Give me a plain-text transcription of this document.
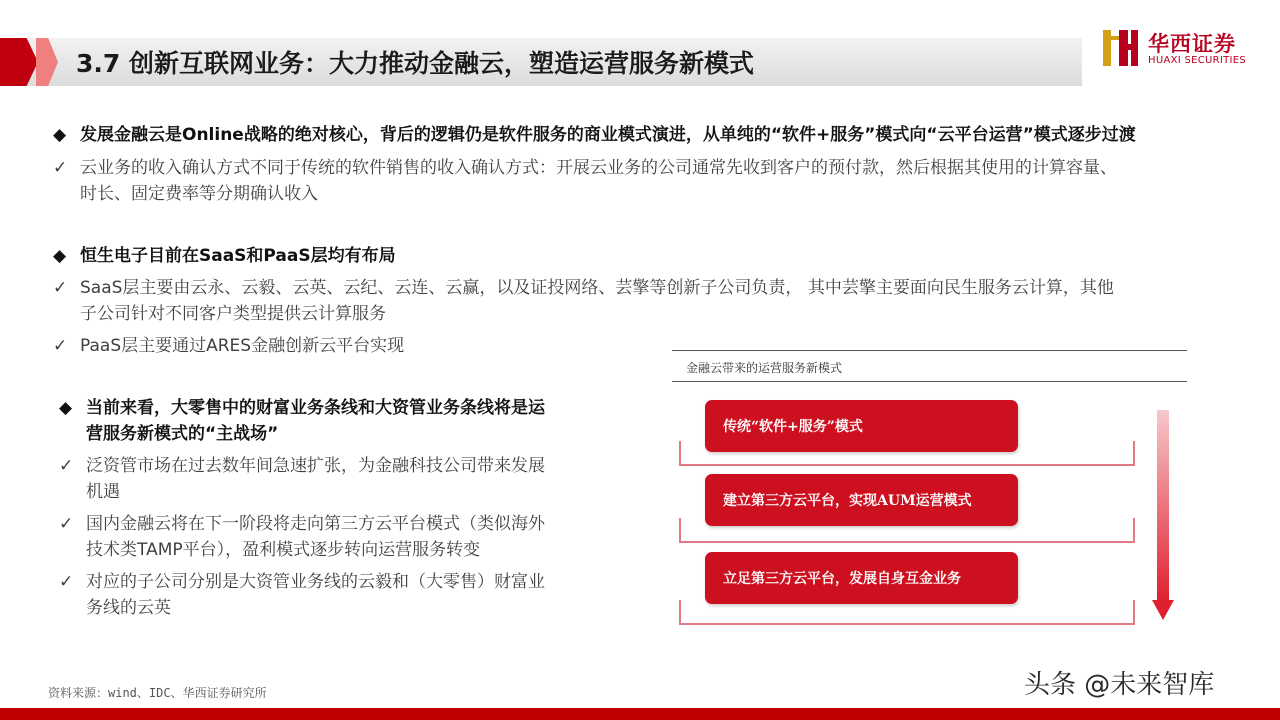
3.7 创新互联网业务：大力推动金融云，塑造运营服务新模式
华西证券
HUAXI SECURITIES
◆ 发展金融云是Online战略的绝对核心，背后的逻辑仍是软件服务的商业模式演进，从单纯的“软件+服务”模式向“云平台运营”模式逐步过渡
✓ 云业务的收入确认方式不同于传统的软件销售的收入确认方式：开展云业务的公司通常先收到客户的预付款，然后根据其使用的计算容量、
时长、固定费率等分期确认收入
◆ 恒生电子目前在SaaS和PaaS层均有布局
✓ SaaS层主要由云永、云毅、云英、云纪、云连、云赢，以及证投网络、芸擎等创新子公司负责， 其中芸擎主要面向民生服务云计算，其他
子公司针对不同客户类型提供云计算服务
✓ PaaS层主要通过ARES金融创新云平台实现
◆ 当前来看，大零售中的财富业务条线和大资管业务条线将是运
营服务新模式的“主战场”
✓ 泛资管市场在过去数年间急速扩张，为金融科技公司带来发展
机遇
✓ 国内金融云将在下一阶段将走向第三方云平台模式（类似海外
技术类TAMP平台），盈利模式逐步转向运营服务转变
✓ 对应的子公司分别是大资管业务线的云毅和（大零售）财富业
务线的云英
金融云带来的运营服务新模式
传统“软件+服务”模式
建立第三方云平台，实现AUM运营模式
立足第三方云平台，发展自身互金业务
资料来源：wind、IDC、华西证券研究所	头条 @未来智库
